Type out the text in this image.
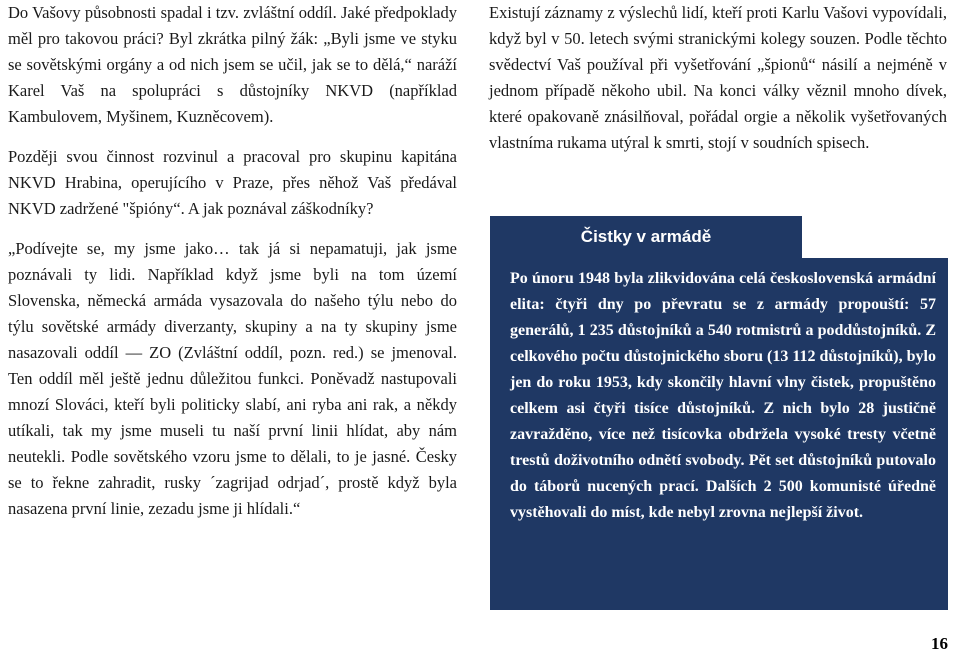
Do Vašovy působnosti spadal i tzv. zvláštní oddíl. Jaké předpoklady měl pro takovou práci? Byl zkrátka pilný žák: „Byli jsme ve styku se sovětskými orgány a od nich jsem se učil, jak se to dělá,“ naráží Karel Vaš na spolupráci s důstojníky NKVD (například Kambulovem, Myšinem, Kuzněcovem).

Později svou činnost rozvinul a pracoval pro skupinu kapitána NKVD Hrabina, operujícího v Praze, přes něhož Vaš předával NKVD zadržené "špióny“. A jak poznával záškodníky?

„Podívejte se, my jsme jako… tak já si nepamatuji, jak jsme poznávali ty lidi. Například když jsme byli na tom území Slovenska, německá armáda vysazovala do našeho týlu nebo do týlu sovětské armády diverzanty, skupiny a na ty skupiny jsme nasazovali oddíl — ZO (Zvláštní oddíl, pozn. red.) se jmenoval. Ten oddíl měl ještě jednu důležitou funkci. Poněvadž nastupovali mnozí Slováci, kteří byli politicky slabí, ani ryba ani rak, a někdy utíkali, tak my jsme museli tu naší první linii hlídat, aby nám neutekli. Podle sovětského vzoru jsme to dělali, to je jasné. Česky se to řekne zahradit, rusky ´zagrijad odrjad´, prostě když byla nasazena první linie, zezadu jsme ji hlídali.“

Existují záznamy z výslechů lidí, kteří proti Karlu Vašovi vypovídali, když byl v 50. letech svými stranickými kolegy souzen. Podle těchto svědectví Vaš používal při vyšetřování „špionů“ násilí a nejméně v jednom případě někoho ubil. Na konci války věznil mnoho dívek, které opakovaně znásilňoval, pořádal orgie a několik vyšetřovaných vlastníma rukama utýral k smrti, stojí v soudních spisech.

Čistky v armádě
Po únoru 1948 byla zlikvidována celá československá armádní elita: čtyři dny po převratu se z armády propouští: 57 generálů, 1 235 důstojníků a 540 rotmistrů a poddůstojníků. Z celkového počtu důstojnického sboru (13 112 důstojníků), bylo jen do roku 1953, kdy skončily hlavní vlny čistek, propuštěno celkem asi čtyři tisíce důstojníků. Z nich bylo 28 justičně zavražděno, více než tisícovka obdržela vysoké tresty včetně trestů doživotního odnětí svobody. Pět set důstojníků putovalo do táborů nucených prací. Dalších 2 500 komunisté úředně vystěhovali do míst, kde nebyl zrovna nejlepší život.
16
